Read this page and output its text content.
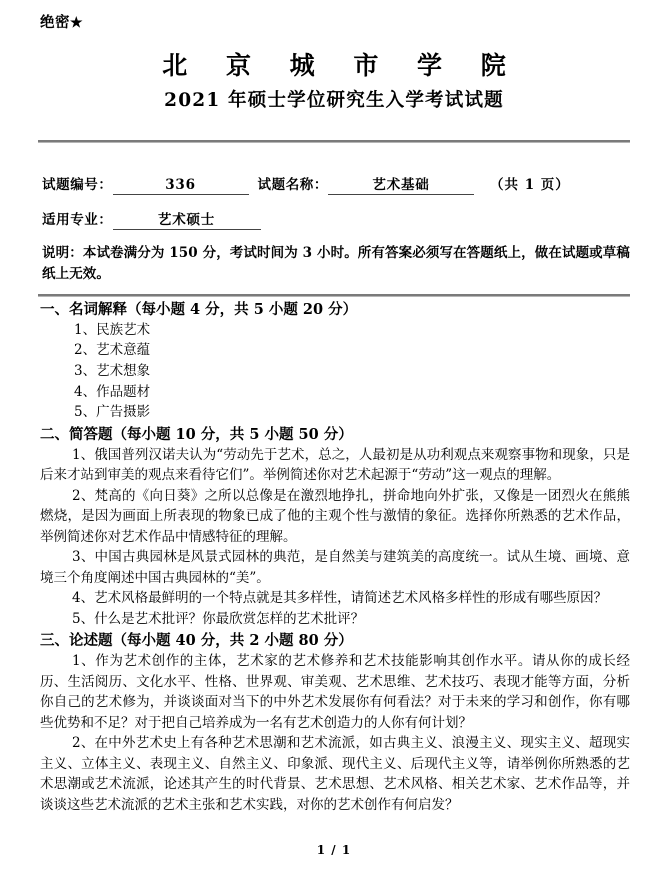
绝密★
北 京 城 市 学 院
2021 年硕士学位研究生入学考试试题
试题编号：	336	试题名称：	艺术基础	（共 1 页）
适用专业：	艺术硕士
说明：本试卷满分为 150 分，考试时间为 3 小时。所有答案必须写在答题纸上，做在试题或草稿纸上无效。
一、名词解释（每小题 4 分，共 5 小题 20 分）
1、民族艺术
2、艺术意蕴
3、艺术想象
4、作品题材
5、广告摄影
二、简答题（每小题 10 分，共 5 小题 50 分）
1、俄国普列汉诺夫认为“劳动先于艺术，总之，人最初是从功利观点来观察事物和现象，只是后来才站到审美的观点来看待它们”。举例简述你对艺术起源于“劳动”这一观点的理解。
2、梵高的《向日葵》之所以总像是在激烈地挣扎，拼命地向外扩张，又像是一团烈火在熊熊燃烧，是因为画面上所表现的物象已成了他的主观个性与激情的象征。选择你所熟悉的艺术作品，举例简述你对艺术作品中情感特征的理解。
3、中国古典园林是风景式园林的典范，是自然美与建筑美的高度统一。试从生境、画境、意境三个角度阐述中国古典园林的“美”。
4、艺术风格最鲜明的一个特点就是其多样性，请简述艺术风格多样性的形成有哪些原因？
5、什么是艺术批评？你最欣赏怎样的艺术批评？
三、论述题（每小题 40 分，共 2 小题 80 分）
1、作为艺术创作的主体，艺术家的艺术修养和艺术技能影响其创作水平。请从你的成长经历、生活阅历、文化水平、性格、世界观、审美观、艺术思维、艺术技巧、表现才能等方面，分析你自己的艺术修为，并谈谈面对当下的中外艺术发展你有何看法？对于未来的学习和创作，你有哪些优势和不足？对于把自己培养成为一名有艺术创造力的人你有何计划？
2、在中外艺术史上有各种艺术思潮和艺术流派，如古典主义、浪漫主义、现实主义、超现实主义、立体主义、表现主义、自然主义、印象派、现代主义、后现代主义等，请举例你所熟悉的艺术思潮或艺术流派，论述其产生的时代背景、艺术思想、艺术风格、相关艺术家、艺术作品等，并谈谈这些艺术流派的艺术主张和艺术实践，对你的艺术创作有何启发？
1 / 1
